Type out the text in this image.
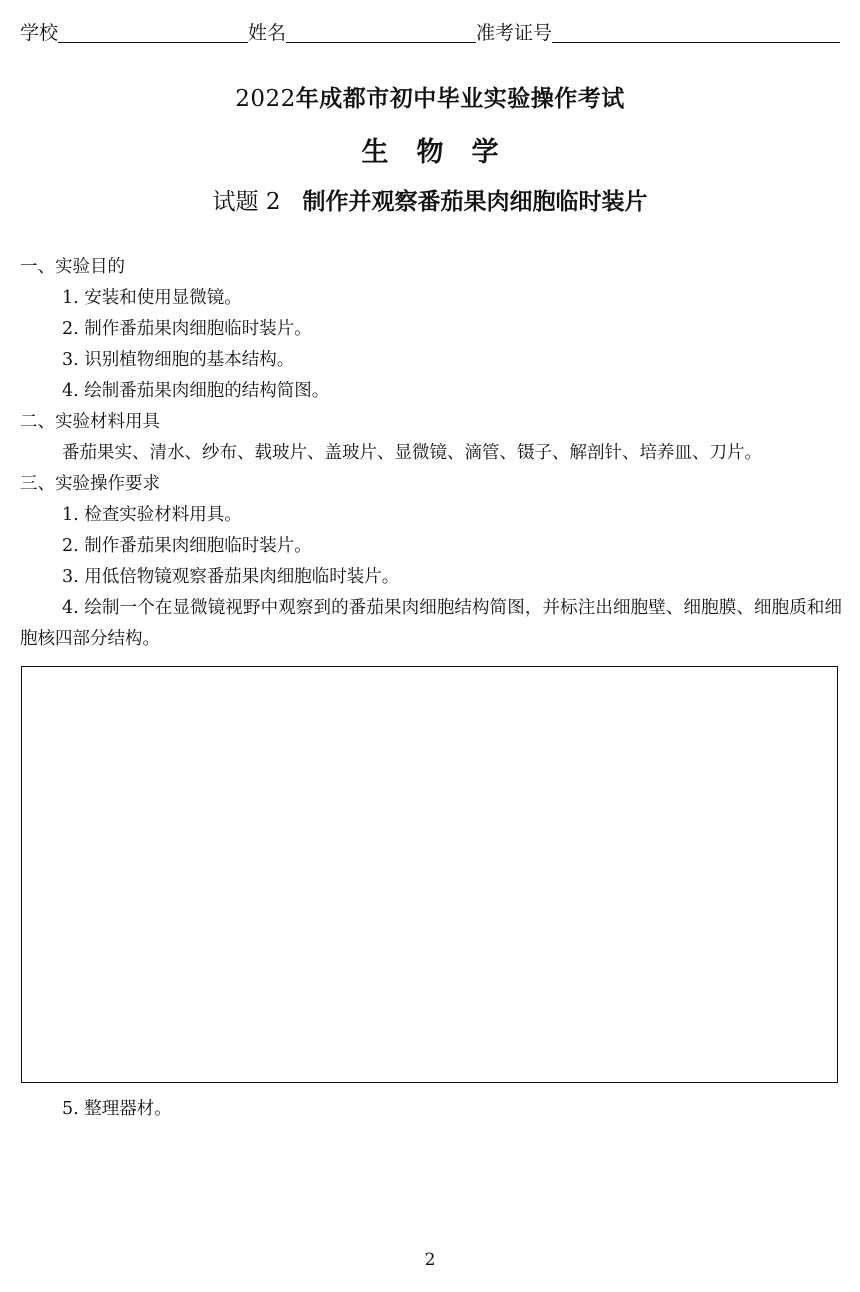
学校	姓名	准考证号
2022年成都市初中毕业实验操作考试
生物学
试题 2 制作并观察番茄果肉细胞临时装片

一、实验目的

1. 安装和使用显微镜。

2. 制作番茄果肉细胞临时装片。

3. 识别植物细胞的基本结构。

4. 绘制番茄果肉细胞的结构简图。

二、实验材料用具

番茄果实、清水、纱布、载玻片、盖玻片、显微镜、滴管、镊子、解剖针、培养皿、刀片。

三、实验操作要求

1. 检查实验材料用具。

2. 制作番茄果肉细胞临时装片。

3. 用低倍物镜观察番茄果肉细胞临时装片。

4. 绘制一个在显微镜视野中观察到的番茄果肉细胞结构简图，并标注出细胞壁、细胞膜、细胞质和细胞核四部分结构。

5. 整理器材。
2
